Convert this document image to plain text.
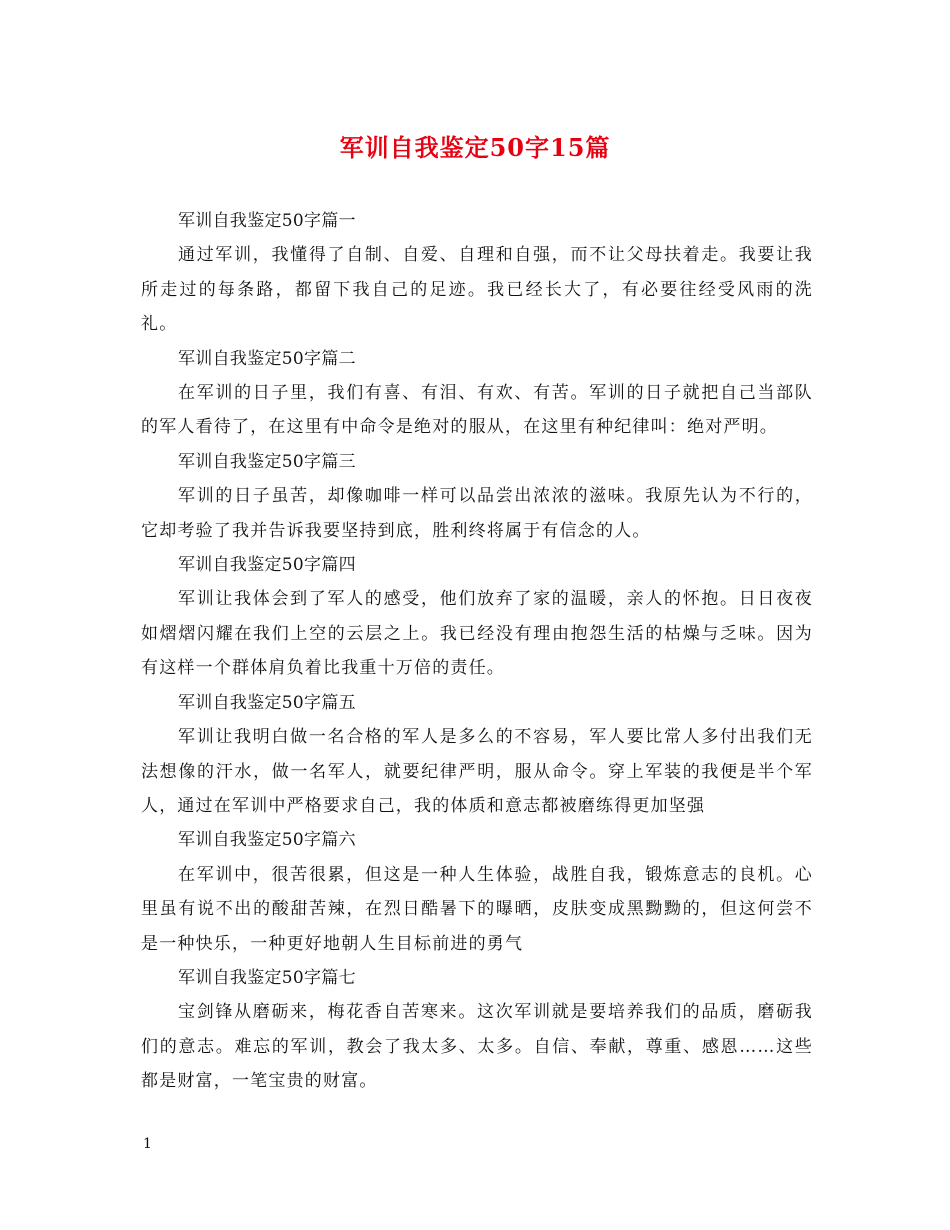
军训自我鉴定50字15篇

军训自我鉴定50字篇一

通过军训，我懂得了自制、自爱、自理和自强，而不让父母扶着走。我要让我所走过的每条路，都留下我自己的足迹。我已经长大了，有必要往经受风雨的洗礼。

军训自我鉴定50字篇二

在军训的日子里，我们有喜、有泪、有欢、有苦。军训的日子就把自己当部队的军人看待了，在这里有中命令是绝对的服从，在这里有种纪律叫：绝对严明。

军训自我鉴定50字篇三

军训的日子虽苦，却像咖啡一样可以品尝出浓浓的滋味。我原先认为不行的，它却考验了我并告诉我要坚持到底，胜利终将属于有信念的人。

军训自我鉴定50字篇四

军训让我体会到了军人的感受，他们放弃了家的温暖，亲人的怀抱。日日夜夜如熠熠闪耀在我们上空的云层之上。我已经没有理由抱怨生活的枯燥与乏味。因为有这样一个群体肩负着比我重十万倍的责任。

军训自我鉴定50字篇五

军训让我明白做一名合格的军人是多么的不容易，军人要比常人多付出我们无法想像的汗水，做一名军人，就要纪律严明，服从命令。穿上军装的我便是半个军人，通过在军训中严格要求自己，我的体质和意志都被磨练得更加坚强

军训自我鉴定50字篇六

在军训中，很苦很累，但这是一种人生体验，战胜自我，锻炼意志的良机。心里虽有说不出的酸甜苦辣，在烈日酷暑下的曝晒，皮肤变成黑黝黝的，但这何尝不是一种快乐，一种更好地朝人生目标前进的勇气

军训自我鉴定50字篇七

宝剑锋从磨砺来，梅花香自苦寒来。这次军训就是要培养我们的品质，磨砺我们的意志。难忘的军训，教会了我太多、太多。自信、奉献，尊重、感恩……这些都是财富，一笔宝贵的财富。

1
